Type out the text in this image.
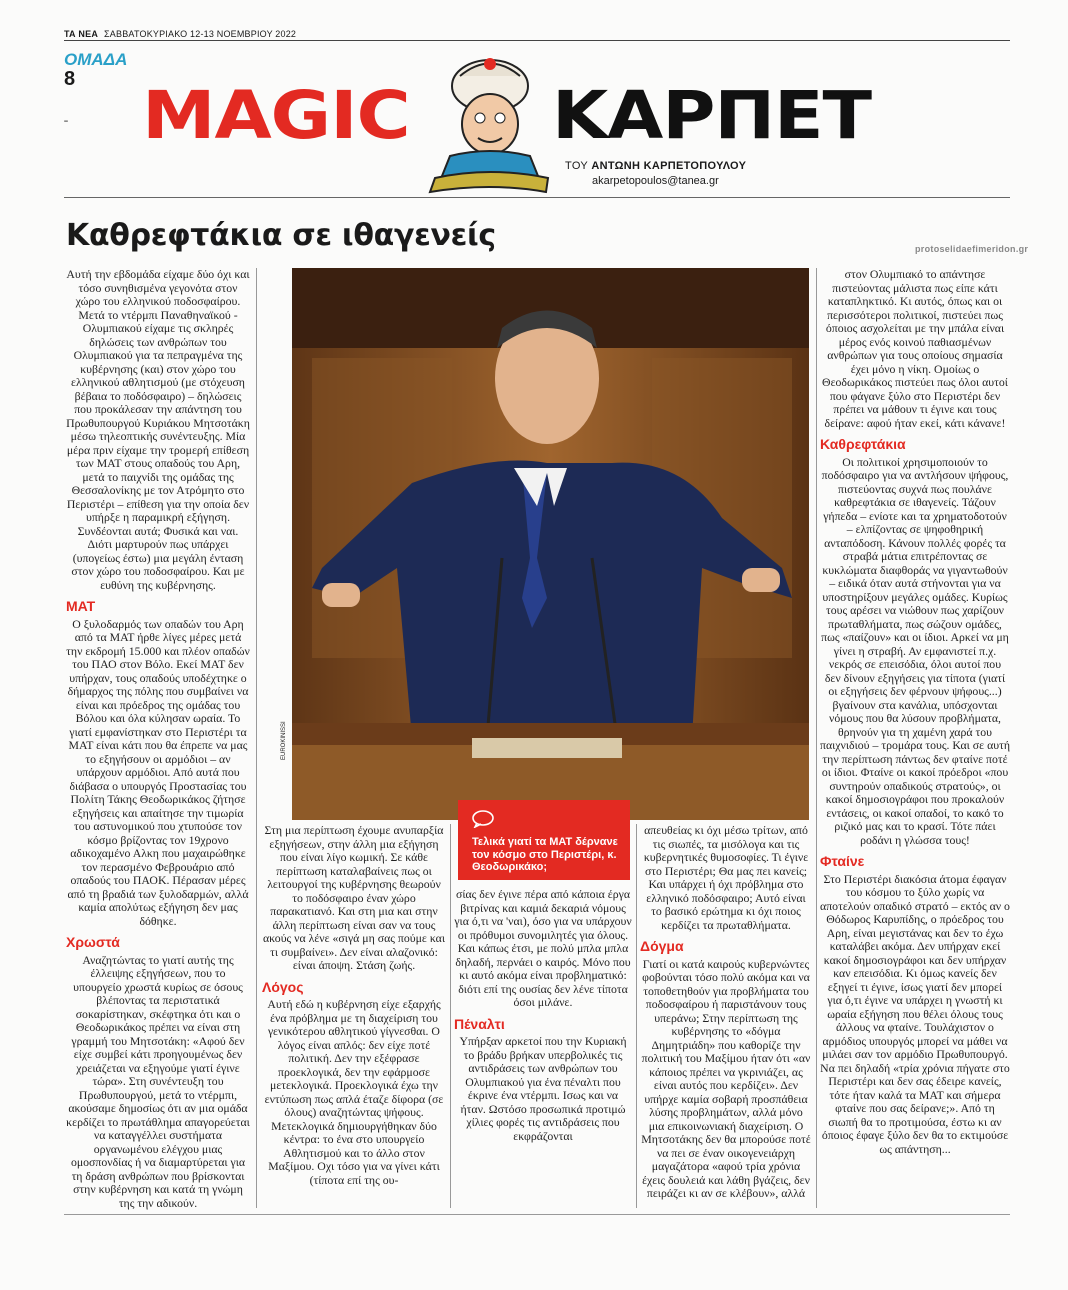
ΤΑ ΝΕΑ ΣΑΒΒΑΤΟΚΥΡΙΑΚΟ 12-13 ΝΟΕΜΒΡΙΟΥ 2022
ΟΜΑΔΑ
8
˗ MAGIC ΚΑΡΠΕΤ
ΤΟΥ ΑΝΤΩΝΗ ΚΑΡΠΕΤΟΠΟΥΛΟΥ
akarpetopoulos@tanea.gr
Καθρεφτάκια σε ιθαγενείς	protoselidaefimeridon.gr

Αυτή την εβδομάδα είχαμε δύο όχι και τόσο συνηθισμένα γεγονότα στον χώρο του ελληνικού ποδοσφαίρου. Μετά το ντέρμπι Παναθηναϊκού - Ολυμπιακού είχαμε τις σκληρές δηλώσεις των ανθρώπων του Ολυμπιακού για τα πεπραγμένα της κυβέρνησης (και) στον χώρο του ελληνικού αθλητισμού (με στόχευση βέβαια το ποδόσφαιρο) – δηλώσεις που προκάλεσαν την απάντηση του Πρωθυπουργού Κυριάκου Μητσοτάκη μέσω τηλεοπτικής συνέντευξης. Μία μέρα πριν είχαμε την τρομερή επίθεση των ΜΑΤ στους οπαδούς του Αρη, μετά το παιχνίδι της ομάδας της Θεσσαλονίκης με τον Ατρόμητο στο Περιστέρι – επίθεση για την οποία δεν υπήρξε η παραμικρή εξήγηση. Συνδέονται αυτά; Φυσικά και ναι. Διότι μαρτυρούν πως υπάρχει (υπογείως έστω) μια μεγάλη ένταση στον χώρο του ποδοσφαίρου. Και με ευθύνη της κυβέρνησης.

ΜΑΤ

Ο ξυλοδαρμός των οπαδών του Αρη από τα ΜΑΤ ήρθε λίγες μέρες μετά την εκδρομή 15.000 και πλέον οπαδών του ΠΑΟ στον Βόλο. Εκεί ΜΑΤ δεν υπήρχαν, τους οπαδούς υποδέχτηκε ο δήμαρχος της πόλης που συμβαίνει να είναι και πρόεδρος της ομάδας του Βόλου και όλα κύλησαν ωραία. Το γιατί εμφανίστηκαν στο Περιστέρι τα ΜΑΤ είναι κάτι που θα έπρεπε να μας το εξηγήσουν οι αρμόδιοι – αν υπάρχουν αρμόδιοι. Από αυτά που διάβασα ο υπουργός Προστασίας του Πολίτη Τάκης Θεοδωρικάκος ζήτησε εξηγήσεις και απαίτησε την τιμωρία του αστυνομικού που χτυπούσε τον κόσμο βρίζοντας τον 19χρονο αδικοχαμένο Αλκη που μαχαιρώθηκε τον περασμένο Φεβρουάριο από οπαδούς του ΠΑΟΚ. Πέρασαν μέρες από τη βραδιά των ξυλοδαρμών, αλλά καμία απολύτως εξήγηση δεν μας δόθηκε.

Χρωστά

Αναζητώντας το γιατί αυτής της έλλειψης εξηγήσεων, που το υπουργείο χρωστά κυρίως σε όσους βλέποντας τα περιστατικά σοκαρίστηκαν, σκέφτηκα ότι και ο Θεοδωρικάκος πρέπει να είναι στη γραμμή του Μητσοτάκη: «Αφού δεν είχε συμβεί κάτι προηγουμένως δεν χρειάζεται να εξηγούμε γιατί έγινε τώρα». Στη συνέντευξη του Πρωθυπουργού, μετά το ντέρμπι, ακούσαμε δημοσίως ότι αν μια ομάδα κερδίζει το πρωτάθλημα απαγορεύεται να καταγγέλλει συστήματα οργανωμένου ελέγχου μιας ομοσπονδίας ή να διαμαρτύρεται για τη δράση ανθρώπων που βρίσκονται στην κυβέρνηση και κατά τη γνώμη της την αδικούν.

EUROKINISSI

Στη μια περίπτωση έχουμε ανυπαρξία εξηγήσεων, στην άλλη μια εξήγηση που είναι λίγο κωμική. Σε κάθε περίπτωση καταλαβαίνεις πως οι λειτουργοί της κυβέρνησης θεωρούν το ποδόσφαιρο έναν χώρο παρακατιανό. Και στη μια και στην άλλη περίπτωση είναι σαν να τους ακούς να λένε «σιγά μη σας πούμε και τι συμβαίνει». Δεν είναι αλαζονικό: είναι άποψη. Στάση ζωής.

Λόγος

Αυτή εδώ η κυβέρνηση είχε εξαρχής ένα πρόβλημα με τη διαχείριση του γενικότερου αθλητικού γίγνεσθαι. Ο λόγος είναι απλός: δεν είχε ποτέ πολιτική. Δεν την εξέφρασε προεκλογικά, δεν την εφάρμοσε μετεκλογικά. Προεκλογικά έχω την εντύπωση πως απλά έταζε δίφορα (σε όλους) αναζητώντας ψήφους. Μετεκλογικά δημιουργήθηκαν δύο κέντρα: το ένα στο υπουργείο Αθλητισμού και το άλλο στον Μαξίμου. Οχι τόσο για να γίνει κάτι (τίποτα επί της ου-

Τελικά γιατί τα ΜΑΤ δέρνανε τον κόσμο στο Περιστέρι, κ. Θεοδωρικάκο;

σίας δεν έγινε πέρα από κάποια έργα βιτρίνας και καμιά δεκαριά νόμους για ό,τι να 'ναι), όσο για να υπάρχουν οι πρόθυμοι συνομιλητές για όλους. Και κάπως έτσι, με πολύ μπλα μπλα δηλαδή, περνάει ο καιρός. Μόνο που κι αυτό ακόμα είναι προβληματικό: διότι επί της ουσίας δεν λένε τίποτα όσοι μιλάνε.

Πέναλτι

Υπήρξαν αρκετοί που την Κυριακή το βράδυ βρήκαν υπερβολικές τις αντιδράσεις των ανθρώπων του Ολυμπιακού για ένα πέναλτι που έκρινε ένα ντέρμπι. Ισως και να ήταν. Ωστόσο προσωπικά προτιμώ χίλιες φορές τις αντιδράσεις που εκφράζονται

απευθείας κι όχι μέσω τρίτων, από τις σιωπές, τα μισόλογα και τις κυβερνητικές θυμοσοφίες. Τι έγινε στο Περιστέρι; Θα μας πει κανείς; Και υπάρχει ή όχι πρόβλημα στο ελληνικό ποδόσφαιρο; Αυτό είναι το βασικό ερώτημα κι όχι ποιος κερδίζει τα πρωταθλήματα.

Δόγμα

Γιατί οι κατά καιρούς κυβερνώντες φοβούνται τόσο πολύ ακόμα και να τοποθετηθούν για προβλήματα του ποδοσφαίρου ή παριστάνουν τους υπεράνω; Στην περίπτωση της κυβέρνησης το «δόγμα Δημητριάδη» που καθορίζε την πολιτική του Μαξίμου ήταν ότι «αν κάποιος πρέπει να γκρινιάζει, ας είναι αυτός που κερδίζει». Δεν υπήρχε καμία σοβαρή προσπάθεια λύσης προβλημάτων, αλλά μόνο μια επικοινωνιακή διαχείριση. Ο Μητσοτάκης δεν θα μπορούσε ποτέ να πει σε έναν οικογενειάρχη μαγαζάτορα «αφού τρία χρόνια έχεις δουλειά και λάθη βγάζεις, δεν πειράζει κι αν σε κλέβουν», αλλά

στον Ολυμπιακό το απάντησε πιστεύοντας μάλιστα πως είπε κάτι καταπληκτικό. Κι αυτός, όπως και οι περισσότεροι πολιτικοί, πιστεύει πως όποιος ασχολείται με την μπάλα είναι μέρος ενός κοινού παθιασμένων ανθρώπων για τους οποίους σημασία έχει μόνο η νίκη. Ομοίως ο Θεοδωρικάκος πιστεύει πως όλοι αυτοί που φάγανε ξύλο στο Περιστέρι δεν πρέπει να μάθουν τι έγινε και τους δείρανε: αφού ήταν εκεί, κάτι κάνανε!

Καθρεφτάκια

Οι πολιτικοί χρησιμοποιούν το ποδόσφαιρο για να αντλήσουν ψήφους, πιστεύοντας συχνά πως πουλάνε καθρεφτάκια σε ιθαγενείς. Τάζουν γήπεδα – ενίοτε και τα χρηματοδοτούν – ελπίζοντας σε ψηφοθηρική ανταπόδοση. Κάνουν πολλές φορές τα στραβά μάτια επιτρέποντας σε κυκλώματα διαφθοράς να γιγαντωθούν – ειδικά όταν αυτά στήνονται για να υποστηρίξουν μεγάλες ομάδες. Κυρίως τους αρέσει να νιώθουν πως χαρίζουν πρωταθλήματα, πως σώζουν ομάδες, πως «παίζουν» και οι ίδιοι. Αρκεί να μη γίνει η στραβή. Αν εμφανιστεί π.χ. νεκρός σε επεισόδια, όλοι αυτοί που δεν δίνουν εξηγήσεις για τίποτα (γιατί οι εξηγήσεις δεν φέρνουν ψήφους...) βγαίνουν στα κανάλια, υπόσχονται νόμους που θα λύσουν προβλήματα, θρηνούν για τη χαμένη χαρά του παιχνιδιού – τρομάρα τους. Και σε αυτή την περίπτωση πάντως δεν φταίνε ποτέ οι ίδιοι. Φταίνε οι κακοί πρόεδροι «που συντηρούν οπαδικούς στρατούς», οι κακοί δημοσιογράφοι που προκαλούν εντάσεις, οι κακοί οπαδοί, το κακό το ριζικό μας και το κρασί. Τότε πάει ροδάνι η γλώσσα τους!

Φταίνε

Στο Περιστέρι διακόσια άτομα έφαγαν του κόσμου το ξύλο χωρίς να αποτελούν οπαδικό στρατό – εκτός αν ο Θόδωρος Καρυπίδης, ο πρόεδρος του Αρη, είναι μεγιστάνας και δεν το έχω καταλάβει ακόμα. Δεν υπήρχαν εκεί κακοί δημοσιογράφοι και δεν υπήρχαν καν επεισόδια. Κι όμως κανείς δεν εξηγεί τι έγινε, ίσως γιατί δεν μπορεί για ό,τι έγινε να υπάρχει η γνωστή κι ωραία εξήγηση που θέλει όλους τους άλλους να φταίνε. Τουλάχιστον ο αρμόδιος υπουργός μπορεί να μάθει να μιλάει σαν τον αρμόδιο Πρωθυπουργό. Να πει δηλαδή «τρία χρόνια πήγατε στο Περιστέρι και δεν σας έδειρε κανείς, τότε ήταν καλά τα ΜΑΤ και σήμερα φταίνε που σας δείρανε;». Από τη σιωπή θα το προτιμούσα, έστω κι αν όποιος έφαγε ξύλο δεν θα το εκτιμούσε ως απάντηση...
